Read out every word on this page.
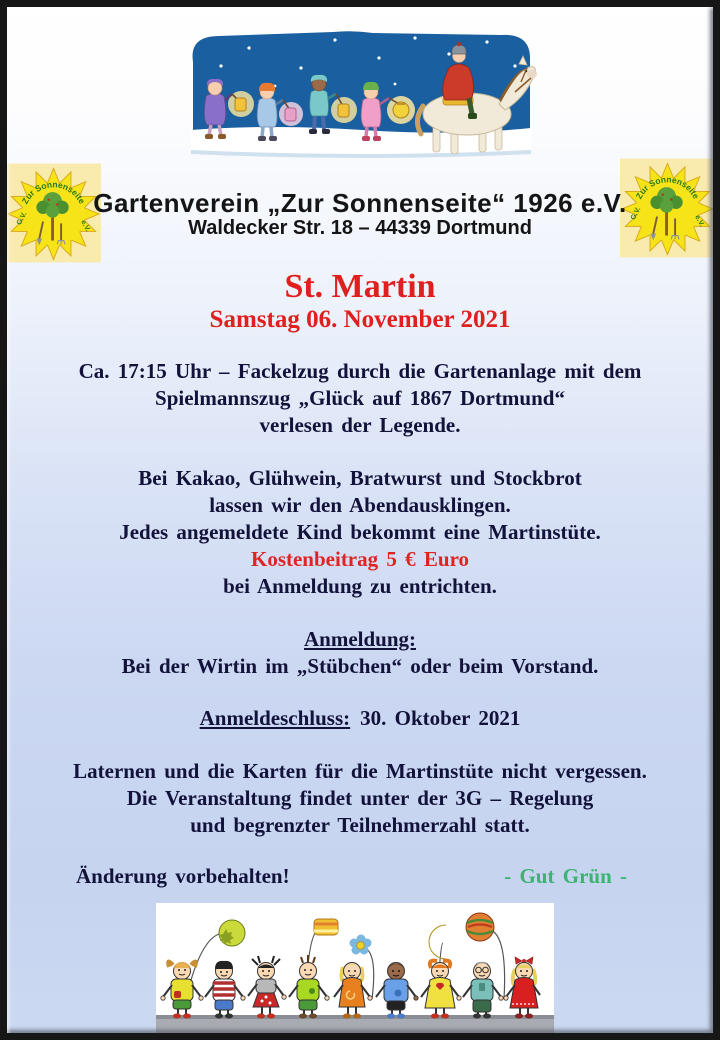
Zur Sonnenseite
G.V.	e.V.
Zur Sonnenseite
G.V.	e.V.
Gartenverein „Zur Sonnenseite“ 1926 e.V.
Waldecker Str. 18 – 44339 Dortmund
St. Martin
Samstag 06. November 2021
Ca. 17:15 Uhr – Fackelzug durch die Gartenanlage mit dem
Spielmannszug „Glück auf 1867 Dortmund“
verlesen der Legende.
Bei Kakao, Glühwein, Bratwurst und Stockbrot
lassen wir den Abendausklingen.
Jedes angemeldete Kind bekommt eine Martinstüte.
Kostenbeitrag 5 € Euro
bei Anmeldung zu entrichten.
Anmeldung:
Bei der Wirtin im „Stübchen“ oder beim Vorstand.
Anmeldeschluss: 30. Oktober 2021
Laternen und die Karten für die Martinstüte nicht vergessen.
Die Veranstaltung findet unter der 3G – Regelung
und begrenzter Teilnehmerzahl statt.
Änderung vorbehalten!	- Gut Grün -
